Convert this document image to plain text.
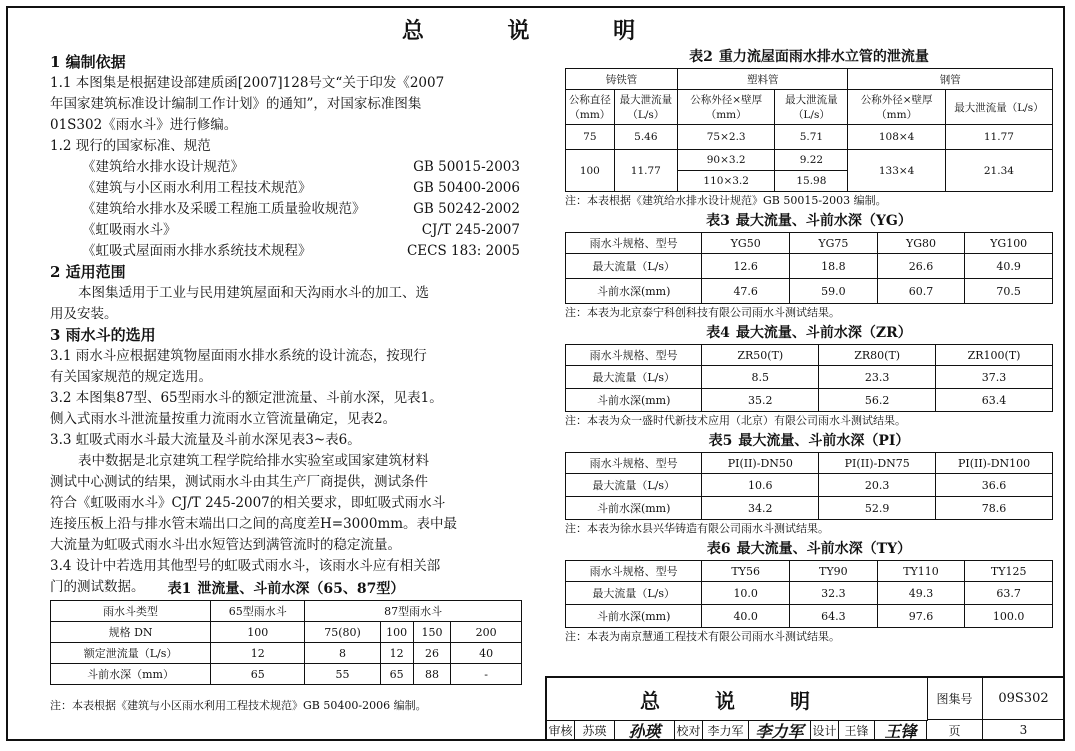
总 说 明
1 编制依据
1.1 本图集是根据建设部建质函[2007]128号文“关于印发《2007
年国家建筑标准设计编制工作计划》的通知”，对国家标准图集
01S302《雨水斗》进行修编。
1.2 现行的国家标准、规范
《建筑给水排水设计规范》	GB 50015-2003
《建筑与小区雨水利用工程技术规范》	GB 50400-2006
《建筑给水排水及采暖工程施工质量验收规范》	GB 50242-2002
《虹吸雨水斗》	CJ/T 245-2007
《虹吸式屋面雨水排水系统技术规程》	CECS 183: 2005
2 适用范围
本图集适用于工业与民用建筑屋面和天沟雨水斗的加工、选
用及安装。
3 雨水斗的选用
3.1 雨水斗应根据建筑物屋面雨水排水系统的设计流态，按现行
有关国家规范的规定选用。
3.2 本图集87型、65型雨水斗的额定泄流量、斗前水深，见表1。
侧入式雨水斗泄流量按重力流雨水立管流量确定，见表2。
3.3 虹吸式雨水斗最大流量及斗前水深见表3~表6。
表中数据是北京建筑工程学院给排水实验室或国家建筑材料
测试中心测试的结果，测试雨水斗由其生产厂商提供，测试条件
符合《虹吸雨水斗》CJ/T 245-2007的相关要求，即虹吸式雨水斗
连接压板上沿与排水管末端出口之间的高度差H=3000mm。表中最
大流量为虹吸式雨水斗出水短管达到满管流时的稳定流量。
3.4 设计中若选用其他型号的虹吸式雨水斗，该雨水斗应有相关部
门的测试数据。	表1 泄流量、斗前水深（65、87型）
雨水斗类型	65型雨水斗	87型雨水斗			
规格 DN	100	75(80)	100	150	200
额定泄流量（L/s）	12	8	12	26	40
斗前水深（mm）	65	55	65	88	-
注：本表根据《建筑与小区雨水利用工程技术规范》GB 50400-2006 编制。
表2 重力流屋面雨水排水立管的泄流量
铸铁管		塑料管		钢管	
公称直径（mm）	最大泄流量（L/s）	公称外径×壁厚（mm）	最大泄流量（L/s）	公称外径×壁厚（mm）	最大泄流量（L/s）
75	5.46	75×2.3	5.71	108×4	11.77
100	11.77	90×3.2	9.22	133×4	21.34
		110×3.2	15.98		
注：本表根据《建筑给水排水设计规范》GB 50015-2003 编制。
表3 最大流量、斗前水深（YG）
雨水斗规格、型号	YG50	YG75	YG80	YG100
最大流量（L/s）	12.6	18.8	26.6	40.9
斗前水深(mm)	47.6	59.0	60.7	70.5
注：本表为北京泰宁科创科技有限公司雨水斗测试结果。
表4 最大流量、斗前水深（ZR）
雨水斗规格、型号	ZR50(T)	ZR80(T)	ZR100(T)
最大流量（L/s）	8.5	23.3	37.3
斗前水深(mm)	35.2	56.2	63.4
注：本表为众一盛时代新技术应用（北京）有限公司雨水斗测试结果。
表5 最大流量、斗前水深（PI）
雨水斗规格、型号	PI(II)-DN50	PI(II)-DN75	PI(II)-DN100
最大流量（L/s）	10.6	20.3	36.6
斗前水深(mm)	34.2	52.9	78.6
注：本表为徐水县兴华铸造有限公司雨水斗测试结果。
表6 最大流量、斗前水深（TY）
雨水斗规格、型号	TY56	TY90	TY110	TY125
最大流量（L/s）	10.0	32.3	49.3	63.7
斗前水深(mm)	40.0	64.3	97.6	100.0
注：本表为南京慧通工程技术有限公司雨水斗测试结果。
总 说 明	图集号	09S302
审核 苏瑛	孙瑛	校对 李力军 李力军 设计 王锋 王锋	页	3
